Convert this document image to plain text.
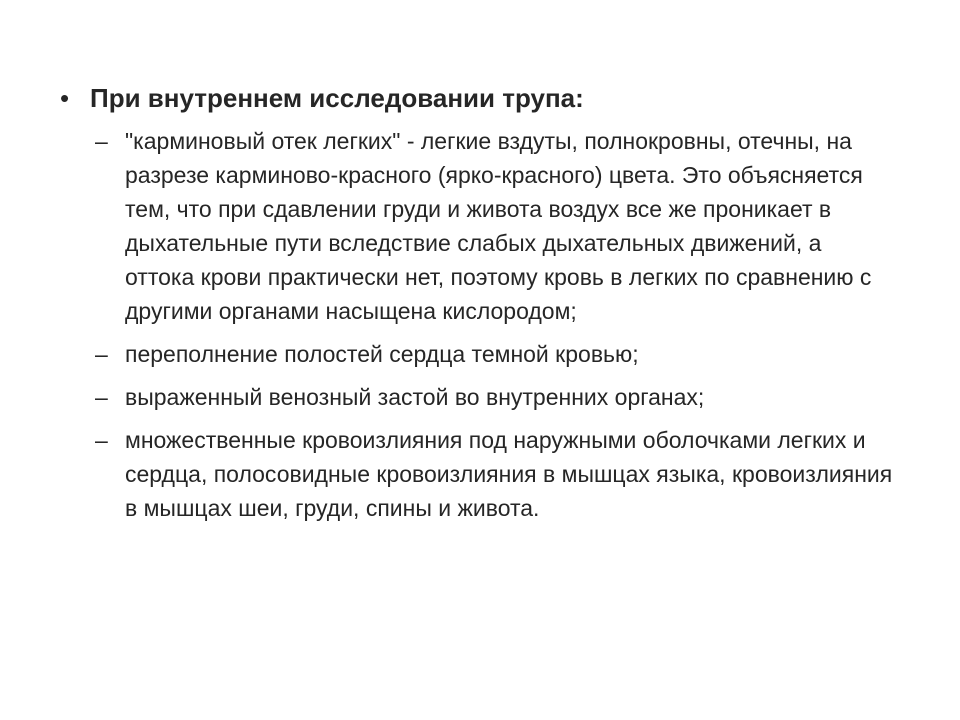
• При внутреннем исследовании трупа:
– "карминовый отек легких" - легкие вздуты, полнокровны, отечны, на разрезе карминово-красного (ярко-красного) цвета. Это объясняется тем, что при сдавлении груди и живота воздух все же проникает в дыхательные пути вследствие слабых дыхательных движений, а оттока крови практически нет, поэтому кровь в легких по сравнению с другими органами насыщена кислородом;
– переполнение полостей сердца темной кровью;
– выраженный венозный застой во внутренних органах;
– множественные кровоизлияния под наружными оболочками легких и сердца, полосовидные кровоизлияния в мышцах языка, кровоизлияния в мышцах шеи, груди, спины и живота.
